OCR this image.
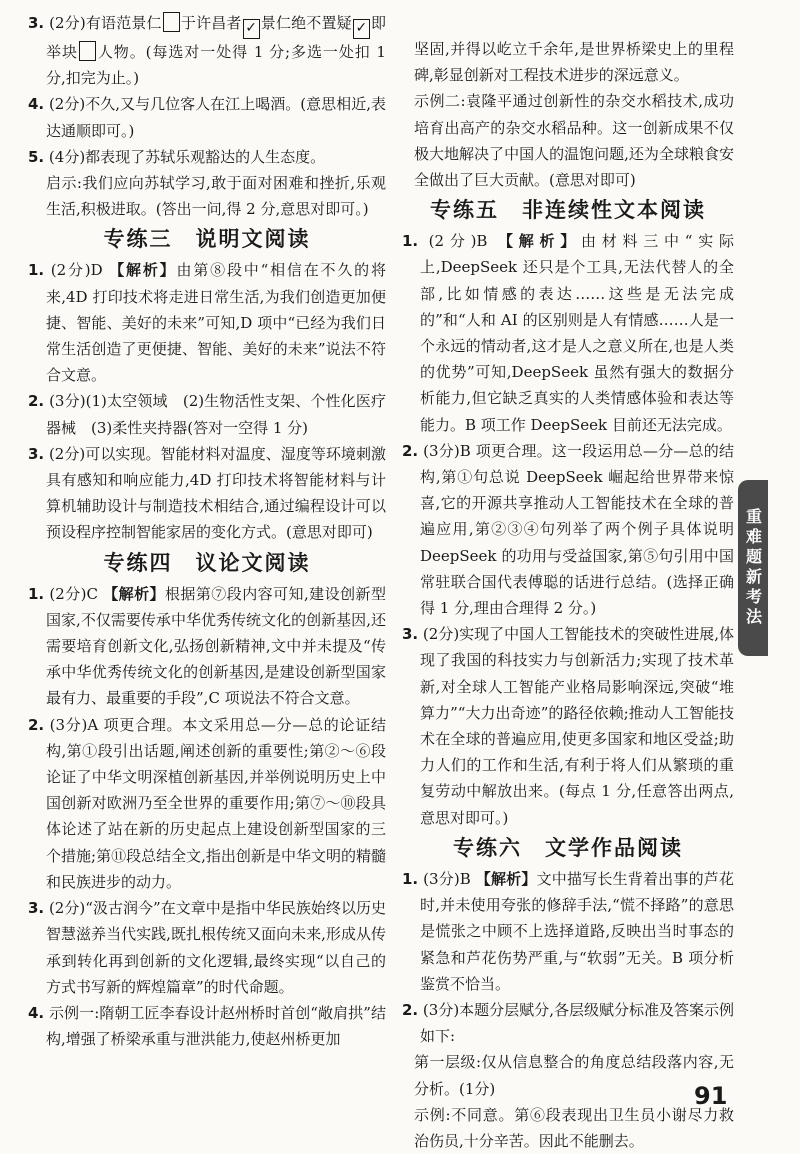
3. (2分)有语范景仁 于许昌者 ✓ 景仁绝不置疑 ✓ 即举块 人物。(每选对一处得 1 分;多选一处扣 1 分,扣完为止。)

4. (2分)不久,又与几位客人在江上喝酒。(意思相近,表达通顺即可。)

5. (4分)都表现了苏轼乐观豁达的人生态度。

启示:我们应向苏轼学习,敢于面对困难和挫折,乐观生活,积极进取。(答出一问,得 2 分,意思对即可。)

专练三　说明文阅读

1. (2分)D 【解析】由第⑧段中“相信在不久的将来,4D 打印技术将走进日常生活,为我们创造更加便捷、智能、美好的未来”可知,D 项中“已经为我们日常生活创造了更便捷、智能、美好的未来”说法不符合文意。

2. (3分)(1)太空领域　(2)生物活性支架、个性化医疗器械　(3)柔性夹持器(答对一空得 1 分)

3. (2分)可以实现。智能材料对温度、湿度等环境刺激具有感知和响应能力,4D 打印技术将智能材料与计算机辅助设计与制造技术相结合,通过编程设计可以预设程序控制智能家居的变化方式。(意思对即可)

专练四　议论文阅读

1. (2分)C 【解析】根据第⑦段内容可知,建设创新型国家,不仅需要传承中华优秀传统文化的创新基因,还需要培育创新文化,弘扬创新精神,文中并未提及“传承中华优秀传统文化的创新基因,是建设创新型国家最有力、最重要的手段”,C 项说法不符合文意。

2. (3分)A 项更合理。本文采用总—分—总的论证结构,第①段引出话题,阐述创新的重要性;第②～⑥段论证了中华文明深植创新基因,并举例说明历史上中国创新对欧洲乃至全世界的重要作用;第⑦～⑩段具体论述了站在新的历史起点上建设创新型国家的三个措施;第⑪段总结全文,指出创新是中华文明的精髓和民族进步的动力。

3. (2分)“汲古润今”在文章中是指中华民族始终以历史智慧滋养当代实践,既扎根传统又面向未来,形成从传承到转化再到创新的文化逻辑,最终实现“以自己的方式书写新的辉煌篇章”的时代命题。

4. 示例一:隋朝工匠李春设计赵州桥时首创“敞肩拱”结构,增强了桥梁承重与泄洪能力,使赵州桥更加

坚固,并得以屹立千余年,是世界桥梁史上的里程碑,彰显创新对工程技术进步的深远意义。

示例二:袁隆平通过创新性的杂交水稻技术,成功培育出高产的杂交水稻品种。这一创新成果不仅极大地解决了中国人的温饱问题,还为全球粮食安全做出了巨大贡献。(意思对即可)

专练五　非连续性文本阅读

1. (2分)B 【解析】由材料三中“实际上,DeepSeek 还只是个工具,无法代替人的全部,比如情感的表达……这些是无法完成的”和“人和 AI 的区别则是人有情感……人是一个永远的情动者,这才是人之意义所在,也是人类的优势”可知,DeepSeek 虽然有强大的数据分析能力,但它缺乏真实的人类情感体验和表达等能力。B 项工作 DeepSeek 目前还无法完成。

2. (3分)B 项更合理。这一段运用总—分—总的结构,第①句总说 DeepSeek 崛起给世界带来惊喜,它的开源共享推动人工智能技术在全球的普遍应用,第②③④句列举了两个例子具体说明 DeepSeek 的功用与受益国家,第⑤句引用中国常驻联合国代表傅聪的话进行总结。(选择正确得 1 分,理由合理得 2 分。)

3. (2分)实现了中国人工智能技术的突破性进展,体现了我国的科技实力与创新活力;实现了技术革新,对全球人工智能产业格局影响深远,突破“堆算力”“大力出奇迹”的路径依赖;推动人工智能技术在全球的普遍应用,使更多国家和地区受益;助力人们的工作和生活,有利于将人们从繁琐的重复劳动中解放出来。(每点 1 分,任意答出两点,意思对即可。)

专练六　文学作品阅读

1. (3分)B 【解析】文中描写长生背着出事的芦花时,并未使用夸张的修辞手法,“慌不择路”的意思是慌张之中顾不上选择道路,反映出当时事态的紧急和芦花伤势严重,与“软弱”无关。B 项分析鉴赏不恰当。

2. (3分)本题分层赋分,各层级赋分标准及答案示例如下:

第一层级:仅从信息整合的角度总结段落内容,无分析。(1分)

示例:不同意。第⑥段表现出卫生员小谢尽力救治伤员,十分辛苦。因此不能删去。

重难题新考法
91
